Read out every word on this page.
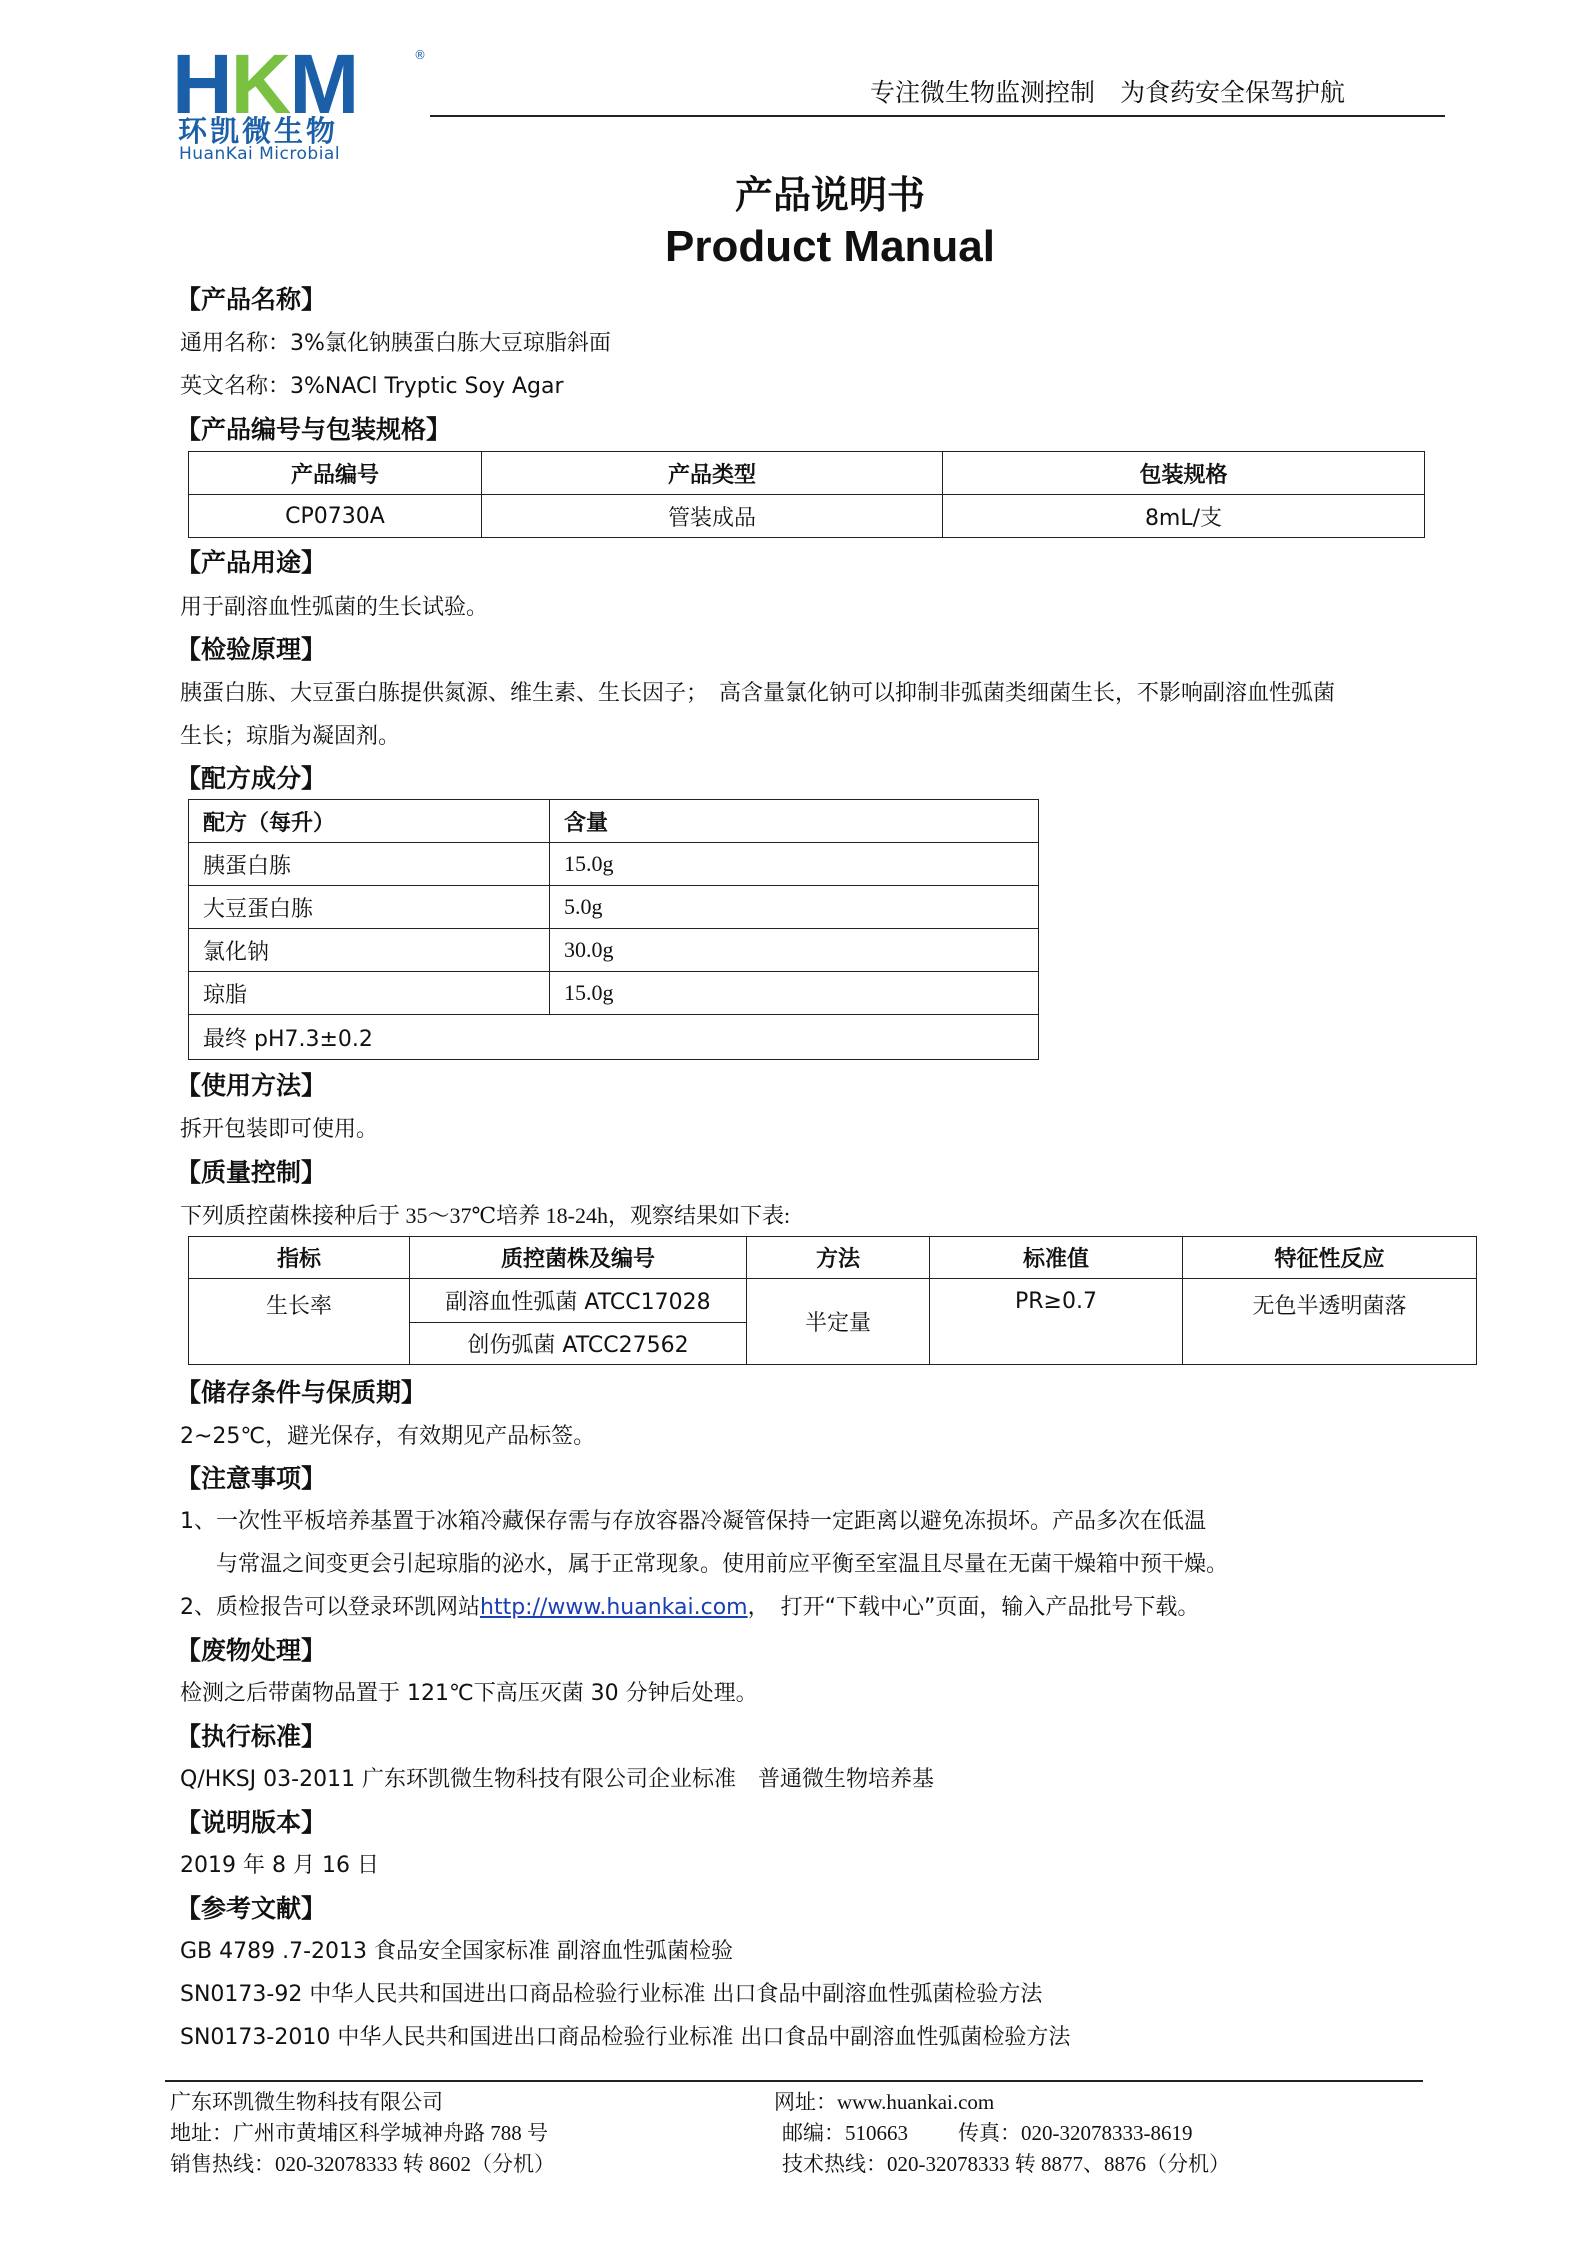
HKM	®
环凯微生物
HuanKai Microbial
专注微生物监测控制　为食药安全保驾护航
产品说明书
Product Manual
【产品名称】
通用名称：3%氯化钠胰蛋白胨大豆琼脂斜面
英文名称：3%NACl Tryptic Soy Agar
【产品编号与包装规格】
产品编号	产品类型	包装规格
CP0730A	管装成品	8mL/支
【产品用途】
用于副溶血性弧菌的生长试验。
【检验原理】
胰蛋白胨、大豆蛋白胨提供氮源、维生素、生长因子；　高含量氯化钠可以抑制非弧菌类细菌生长，不影响副溶血性弧菌
生长；琼脂为凝固剂。
【配方成分】
配方（每升）	含量
胰蛋白胨	15.0g
大豆蛋白胨	5.0g
氯化钠	30.0g
琼脂	15.0g
最终 pH7.3±0.2	
【使用方法】
拆开包装即可使用。
【质量控制】
下列质控菌株接种后于 35～37℃培养 18-24h，观察结果如下表:
指标	质控菌株及编号	方法	标准值	特征性反应
生长率	副溶血性弧菌 ATCC17028	半定量	PR≥0.7	无色半透明菌落
	创伤弧菌 ATCC27562			
【储存条件与保质期】
2~25℃，避光保存，有效期见产品标签。
【注意事项】
1、一次性平板培养基置于冰箱冷藏保存需与存放容器冷凝管保持一定距离以避免冻损坏。产品多次在低温
与常温之间变更会引起琼脂的泌水，属于正常现象。使用前应平衡至室温且尽量在无菌干燥箱中预干燥。
2、质检报告可以登录环凯网站http://www.huankai.com，　打开“下载中心”页面，输入产品批号下载。
【废物处理】
检测之后带菌物品置于 121℃下高压灭菌 30 分钟后处理。
【执行标准】
Q/HKSJ 03-2011 广东环凯微生物科技有限公司企业标准　普通微生物培养基
【说明版本】
2019 年 8 月 16 日
【参考文献】
GB 4789 .7-2013 食品安全国家标准 副溶血性弧菌检验
SN0173-92 中华人民共和国进出口商品检验行业标准 出口食品中副溶血性弧菌检验方法
SN0173-2010 中华人民共和国进出口商品检验行业标准 出口食品中副溶血性弧菌检验方法
广东环凯微生物科技有限公司	网址：www.huankai.com
地址：广州市黄埔区科学城神舟路 788 号	邮编：510663 传真：020-32078333-8619
销售热线：020-32078333 转 8602（分机）	技术热线：020-32078333 转 8877、8876（分机）
